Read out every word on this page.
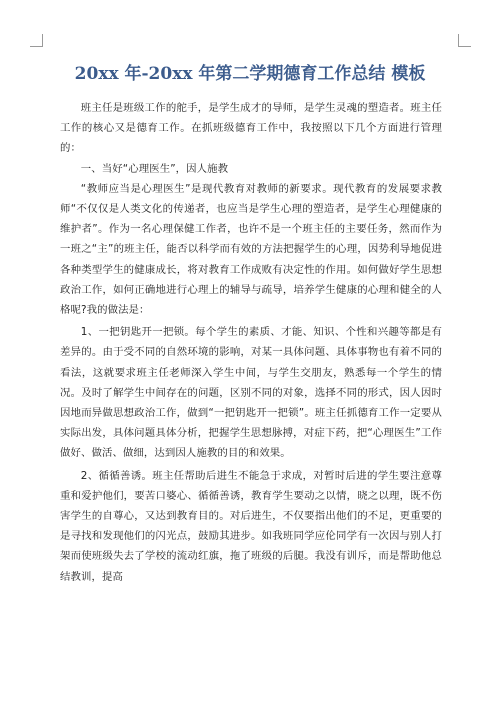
20xx 年-20xx 年第二学期德育工作总结 模板

班主任是班级工作的舵手，是学生成才的导师，是学生灵魂的塑造者。班主任工作的核心又是德育工作。在抓班级德育工作中，我按照以下几个方面进行管理的：

一、当好“心理医生”，因人施教

“教师应当是心理医生”是现代教育对教师的新要求。现代教育的发展要求教师“不仅仅是人类文化的传递者，也应当是学生心理的塑造者，是学生心理健康的维护者”。作为一名心理保健工作者，也许不是一个班主任的主要任务，然而作为一班之“主”的班主任，能否以科学而有效的方法把握学生的心理，因势利导地促进各种类型学生的健康成长，将对教育工作成败有决定性的作用。如何做好学生思想政治工作，如何正确地进行心理上的辅导与疏导，培养学生健康的心理和健全的人格呢?我的做法是：

1、一把钥匙开一把锁。每个学生的素质、才能、知识、个性和兴趣等都是有差异的。由于受不同的自然环境的影响，对某一具体问题、具体事物也有着不同的看法，这就要求班主任老师深入学生中间，与学生交朋友，熟悉每一个学生的情况。及时了解学生中间存在的问题，区别不同的对象，选择不同的形式，因人因时因地而异做思想政治工作，做到“一把钥匙开一把锁”。班主任抓德育工作一定要从实际出发，具体问题具体分析，把握学生思想脉搏，对症下药，把“心理医生”工作做好、做活、做细，达到因人施教的目的和效果。

2、循循善诱。班主任帮助后进生不能急于求成，对暂时后进的学生要注意尊重和爱护他们，要苦口婆心、循循善诱，教育学生要动之以情，晓之以理，既不伤害学生的自尊心，又达到教育目的。对后进生，不仅要指出他们的不足，更重要的是寻找和发现他们的闪光点，鼓励其进步。如我班同学应伦同学有一次因与别人打架而使班级失去了学校的流动红旗，拖了班级的后腿。我没有训斥，而是帮助他总结教训，提高
